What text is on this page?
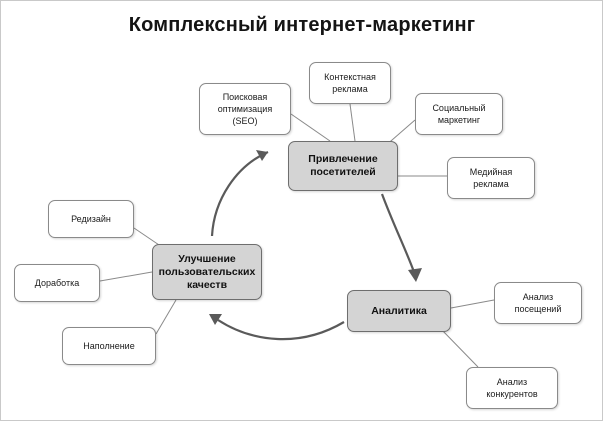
Комплексный интернет-маркетинг
Привлечение
посетителей
Улучшение
пользовательских
качеств
Аналитика
Поисковая
оптимизация
(SEO)
Контекстная
реклама
Социальный
маркетинг
Медийная
реклама
Редизайн
Доработка
Наполнение
Анализ
посещений
Анализ
конкурентов
